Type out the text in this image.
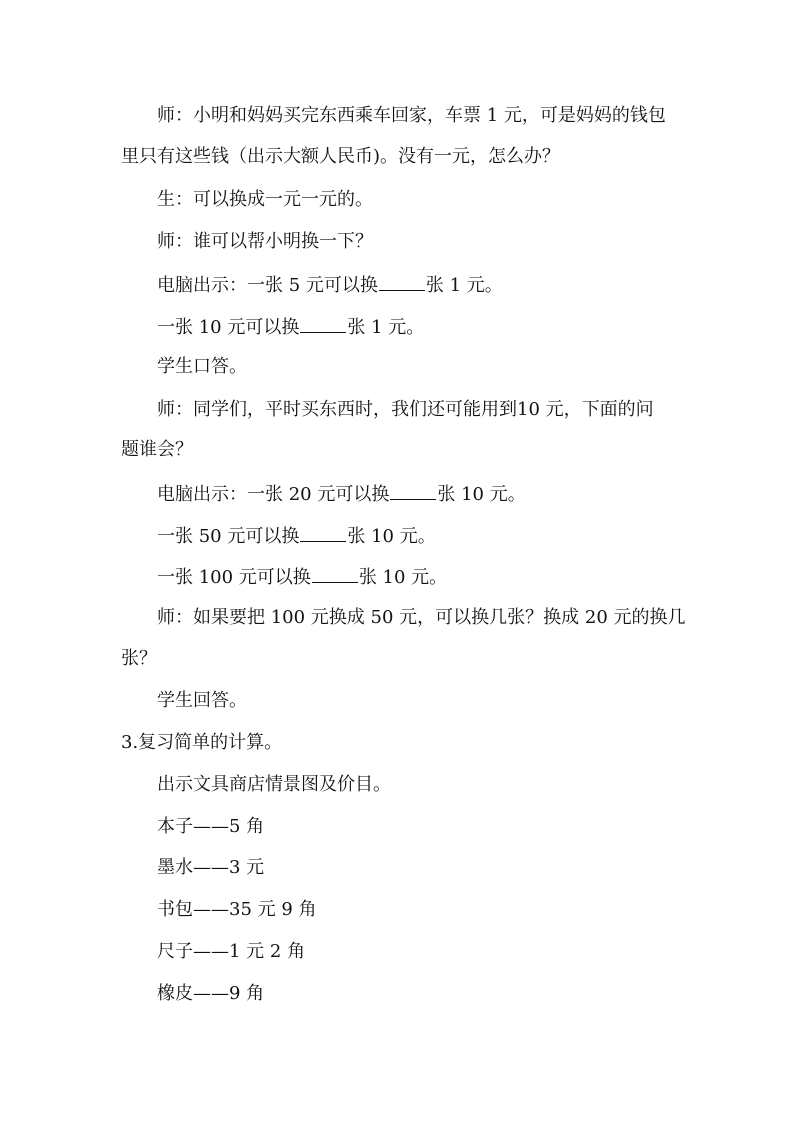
师：小明和妈妈买完东西乘车回家，车票 1 元，可是妈妈的钱包
里只有这些钱（出示大额人民币)。没有一元，怎么办？
生：可以换成一元一元的。
师：谁可以帮小明换一下？
电脑出示：一张 5 元可以换	张 1 元。
一张 10 元可以换	张 1 元。
学生口答。
师：同学们，平时买东西时，我们还可能用到10 元，下面的问
题谁会？
电脑出示：一张 20 元可以换	张 10 元。
一张 50 元可以换	张 10 元。
一张 100 元可以换	张 10 元。
师：如果要把 100 元换成 50 元，可以换几张？换成 20 元的换几
张？
学生回答。
3.复习简单的计算。
出示文具商店情景图及价目。
本子——5 角
墨水——3 元
书包——35 元 9 角
尺子——1 元 2 角
橡皮——9 角
